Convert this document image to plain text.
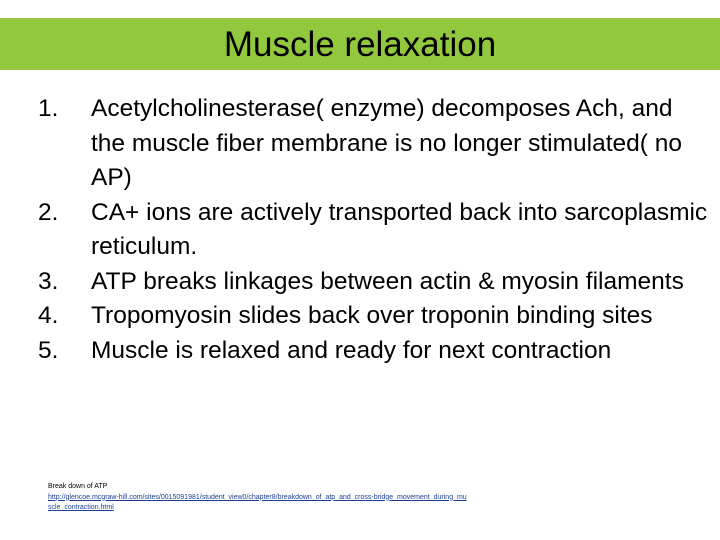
Muscle relaxation
1. Acetylcholinesterase( enzyme) decomposes Ach, and the muscle fiber membrane is no longer stimulated( no AP)
2. CA+ ions are actively transported back into sarcoplasmic reticulum.
3. ATP breaks linkages between actin & myosin filaments
4. Tropomyosin slides back over troponin binding sites
5. Muscle is relaxed and ready for next contraction
Break down of ATP
http://glencoe.mcgraw-hill.com/sites/0015091981/student_view0/chapter8/breakdown_of_atp_and_cross-bridge_movement_during_muscle_contraction.html
